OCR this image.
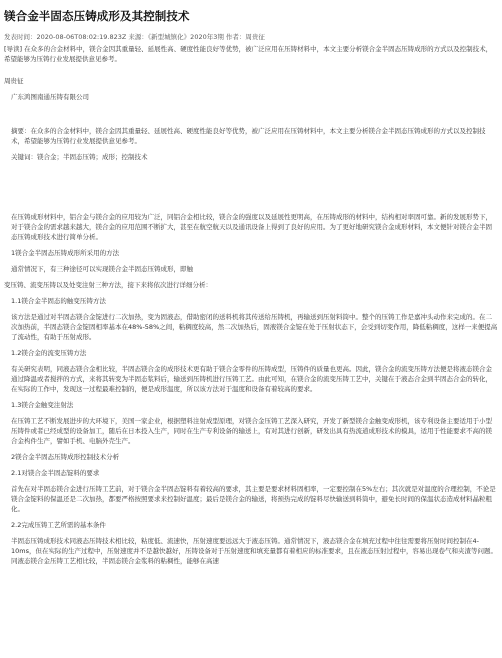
镁合金半固态压铸成形及其控制技术
发表时间：2020-08-06T08:02:19.823Z 来源：《新型城镇化》2020年3期 作者：周贵征
[导读] 在众多的合金材料中，镁合金因其重量轻、延展性高、硬度性能良好等优势，被广泛应用在压铸材料中，本文主要分析镁合金半固态压铸成形的方式以及控制技术，希望能够为压铸行业发展提供意见参考。
周贵征
广东鸿图南通压铸有限公司
摘要：在众多的合金材料中，镁合金因其重量轻、延展性高、硬度性能良好等优势，被广泛应用在压铸材料中，本文主要分析镁合金半固态压铸成形的方式以及控制技术，希望能够为压铸行业发展提供意见参考。
关键词：镁合金；半固态压铸；成形；控制技术
在压铸成形材料中，铝合金与镁合金的应用较为广泛，同铝合金相比较，镁合金的强度以及延展性更明高，在压铸成形的材料中，结构相对率固可靠。新的发展形势下，对于镁合金的需求越来越大，镁合金的应用范围不断扩大，甚至在航空航天以及通讯设备上得到了良好的应用。为了更好地研究镁合金成形材料，本文便针对镁合金半固态压铸成形技术进行简单分析。
1镁合金半固态压铸成形所采用的方法
通常情况下，有三种途径可以实现镁合金半固态压铸成形，即触
变压铸、流变压铸以及处变注射三种方法，接下来将依次进行详细分析：
1.1镁合金半固态的触变压铸方法
该方法是通过对半固态镁合金锭进行二次加热，变为固液态，借助密闭的送料机将其传送给压铸机，再输送到压射料筒中。整个的压铸工作是嘉冲头动作来完成的。在二次加热前，半固态镁合金锭固相率基本在48%-58%之间，粘稠度较高，然二次加热后，固液镁合金锭在处于压射状态下，会受到切变作用，降低粘稠度，这样一来便提高了流动性，有助于压射成形。
1.2镁合金的流变压铸方法
有关研究表明，同液态镁合金相比较，半固态镁合金的成形技术更有助于镁合金零件的压铸成型，压铸件的质量也更高。因此，镁合金的流变压铸方法便是将液态镁合金通过降温或者搅拌的方式，来将其转变为半固态浆料后，输送到压铸机进行压铸工艺。由此可知，在镁合金的流变压铸工艺中，关键在于液态合金到半固态合金的转化，在实际的工作中，发现这一过程最难控制的，便是成形温度，所以该方法对于温度和设备有着较高的要求。
1.3镁合金触变注射法
在压铸工艺不断发展进步的大环境下，美国一家企业，根据塑料注射成型原理，对镁合金压铸工艺深入研究，开发了新型镁合金触变成形机，该专利设备主要适用于小型压铸件或者已经成型的设备加工，随后在日本投入生产，同时在生产专利设备的输送上，有对其进行创新，研发出具有热流道成形技术的模具，适用于性能要求不高的镁合金构件生产，譬如手机、电脑外壳生产。
2镁合金半固态压铸成形控制技术分析
2.1对镁合金半固态锭料的要求
首先在对半固态镁合金进行压铸工艺前，对于镁合金半固态锭料有着较高的要求，其主要是要求材料固相率，一定要控制在5%左右；其次就是对温度的合理控制，不论是镁合金锭料的保温还是二次加热，都要严格按照要求来控制好温度；最后是镁合金的输送，将预热完成的锭料尽快输送到料筒中，避免长时间的保温状态造成材料晶粒粗化。
2.2完成压铸工艺所需的基本条件
半固态压铸成形技术同液态压铸技术相比较，粘度低、流速快，压射速度要远远大于液态压铸。通常情况下，液态镁合金在填充过程中往往需要将压射时间控制在4-10ms，但在实际的生产过程中，压射速度并不是越快越好，压铸设备对于压射速度和填充量都有着相应的标准要求，且在液态压射过程中，容易出现卷气和夹渣等问题。同液态镁合金压铸工艺相比较，半固态镁合金浆料的粘稠性，能够在高速
